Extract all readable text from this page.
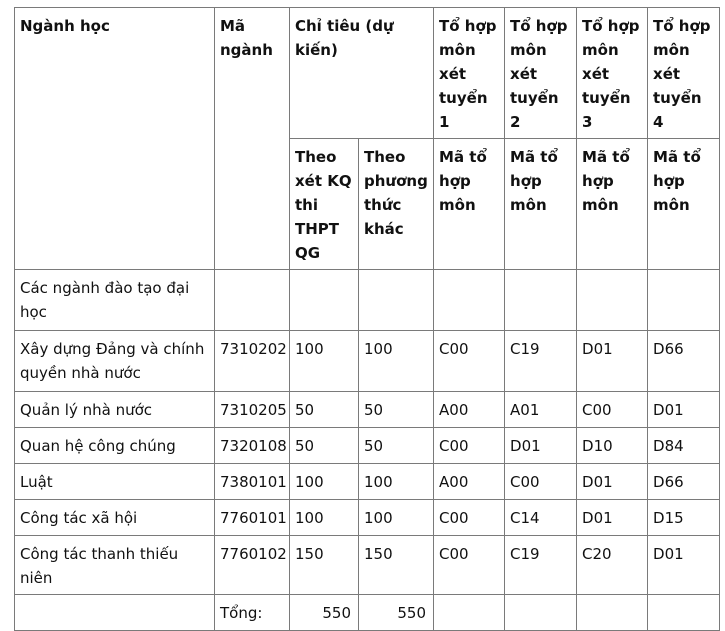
Ngành học	Mã ngành	Chỉ tiêu (dự kiến)		Tổ hợp môn xét tuyển 1	Tổ hợp môn xét tuyển 2	Tổ hợp môn xét tuyển 3	Tổ hợp môn xét tuyển 4
		Theo xét KQ thi THPT QG	Theo phương thức khác	Mã tổ hợp môn	Mã tổ hợp môn	Mã tổ hợp môn	Mã tổ hợp môn
Các ngành đào tạo đại học							
Xây dựng Đảng và chính quyền nhà nước	7310202	100	100	C00	C19	D01	D66
Quản lý nhà nước	7310205	50	50	A00	A01	C00	D01
Quan hệ công chúng	7320108	50	50	C00	D01	D10	D84
Luật	7380101	100	100	A00	C00	D01	D66
Công tác xã hội	7760101	100	100	C00	C14	D01	D15
Công tác thanh thiếu niên	7760102	150	150	C00	C19	C20	D01
	Tổng:	550	550				
